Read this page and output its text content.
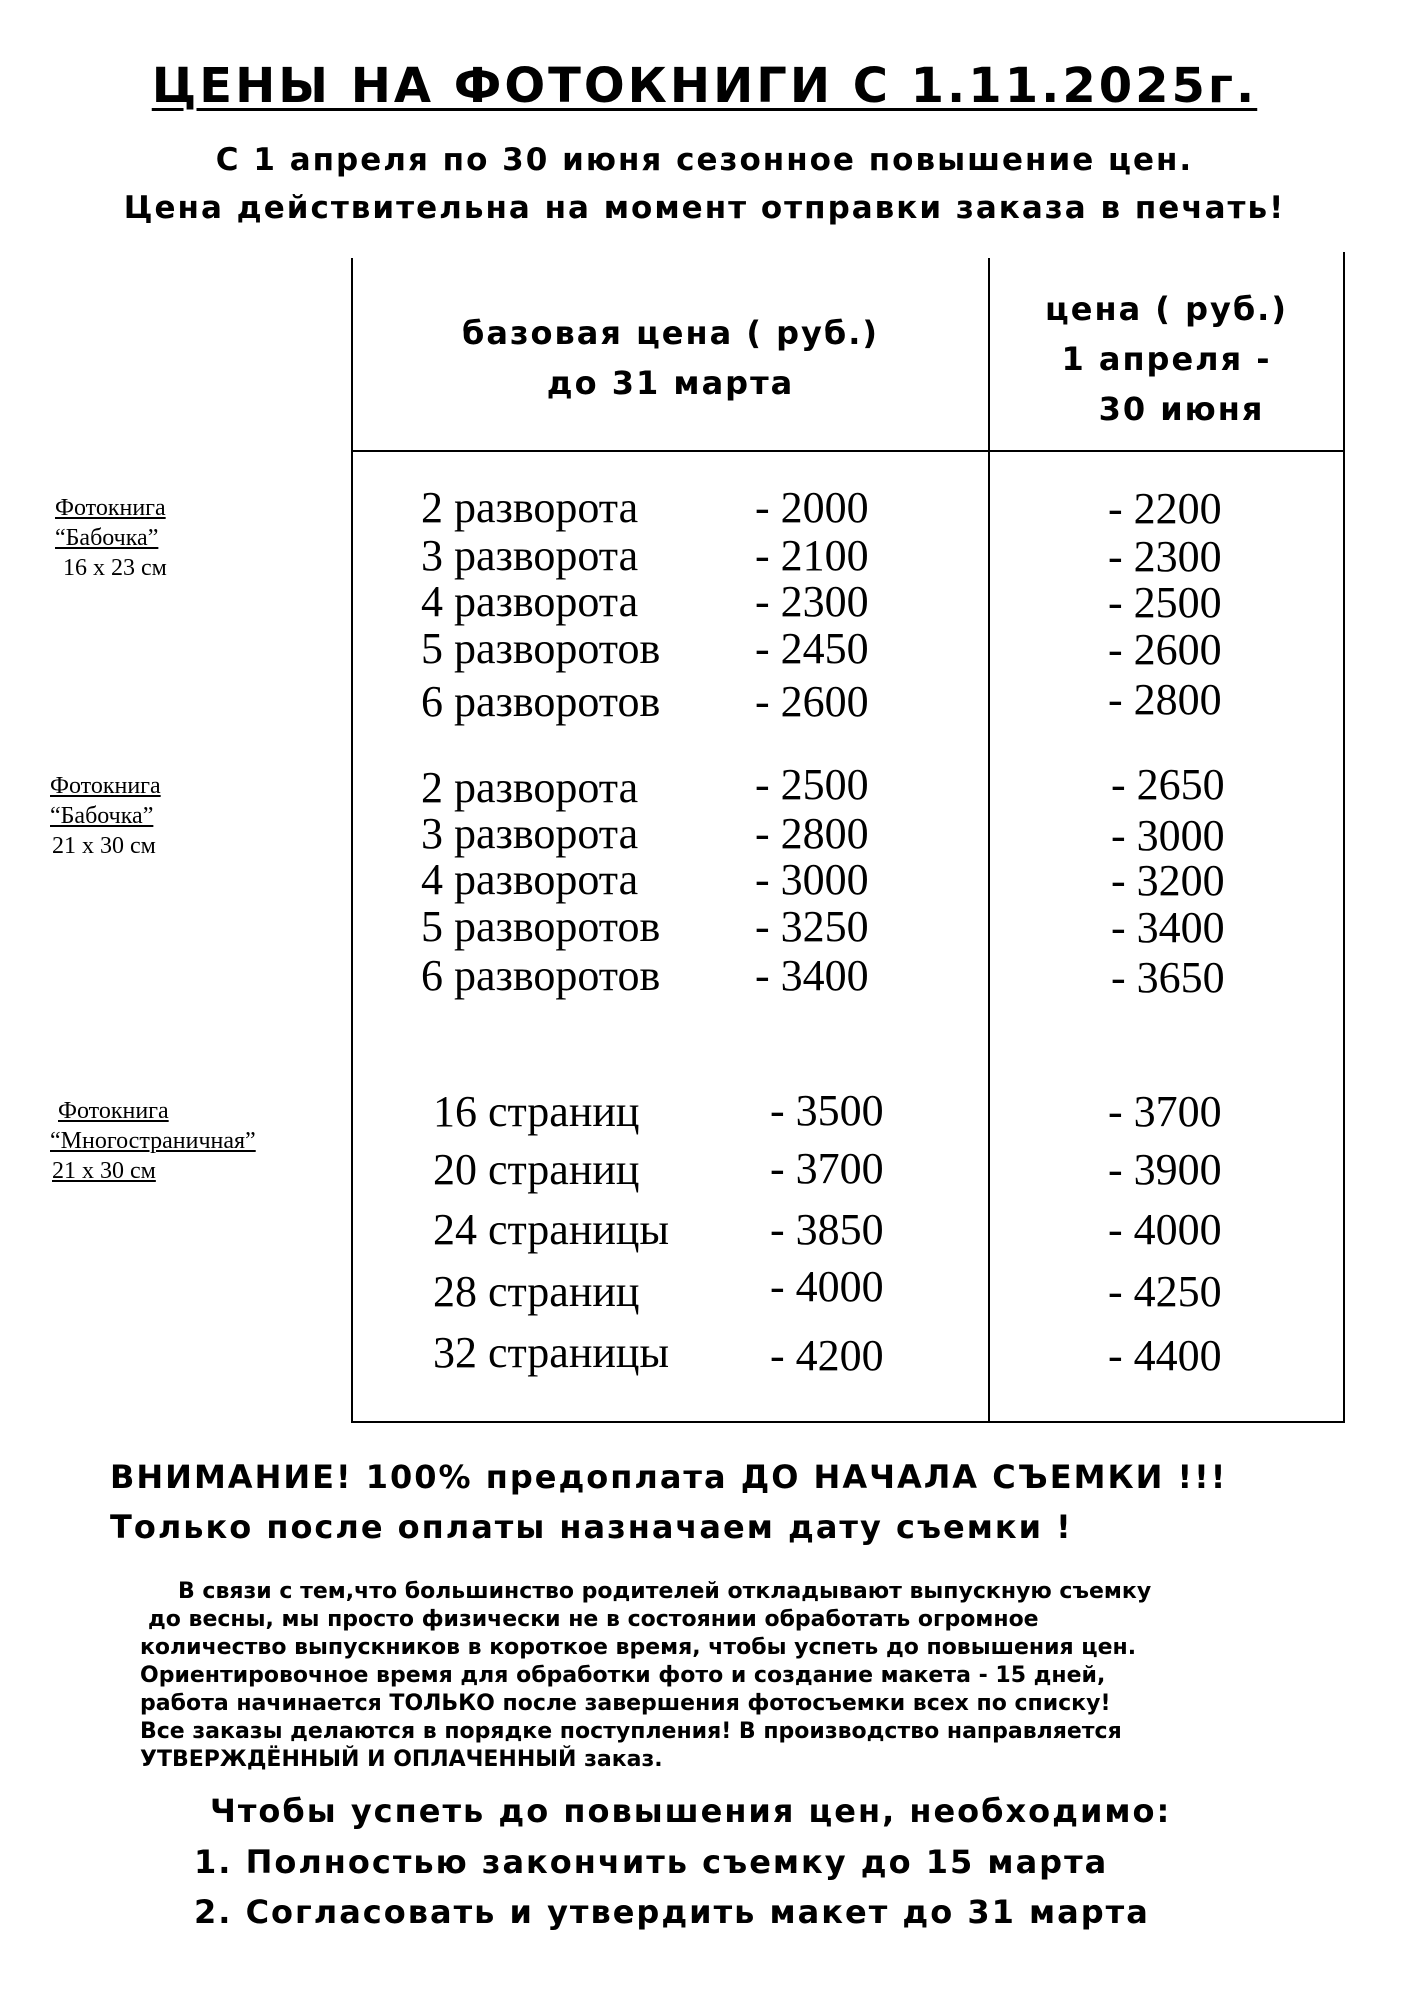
ЦЕНЫ НА ФОТОКНИГИ С 1.11.2025г.
С 1 апреля по 30 июня сезонное повышение цен.
Цена действительна на момент отправки заказа в печать!
базовая цена ( руб.)
до 31 марта
цена ( руб.)
1 апреля -
30 июня
Фотокнига
“Бабочка”
16 х 23 см
Фотокнига
“Бабочка”
21 х 30 см
Фотокнига
“Многостраничная”
21 х 30 см
2 разворота	- 2000	- 2200
3 разворота	- 2100	- 2300
4 разворота	- 2300	- 2500
5 разворотов - 2450	- 2600
6 разворотов - 2600	- 2800
2 разворота	- 2500	- 2650
3 разворота	- 2800	- 3000
4 разворота	- 3000	- 3200
5 разворотов - 3250	- 3400
6 разворотов - 3400	- 3650
16 страниц	- 3500	- 3700
20 страниц	- 3700	- 3900
24 страницы - 3850	- 4000
28 страниц	- 4000	- 4250
32 страницы - 4200	- 4400
ВНИМАНИЕ! 100% предоплата ДО НАЧАЛА СЪЕМКИ !!!
Только после оплаты назначаем дату съемки !
В связи с тем,что большинство родителей откладывают выпускную съемку
до весны, мы просто физически не в состоянии обработать огромное
количество выпускников в короткое время, чтобы успеть до повышения цен.
Ориентировочное время для обработки фото и создание макета - 15 дней,
работа начинается ТОЛЬКО после завершения фотосъемки всех по списку!
Все заказы делаются в порядке поступления! В производство направляется
УТВЕРЖДЁННЫЙ И ОПЛАЧЕННЫЙ заказ.
Чтобы успеть до повышения цен, необходимо:
1. Полностью закончить съемку до 15 марта
2. Согласовать и утвердить макет до 31 марта
